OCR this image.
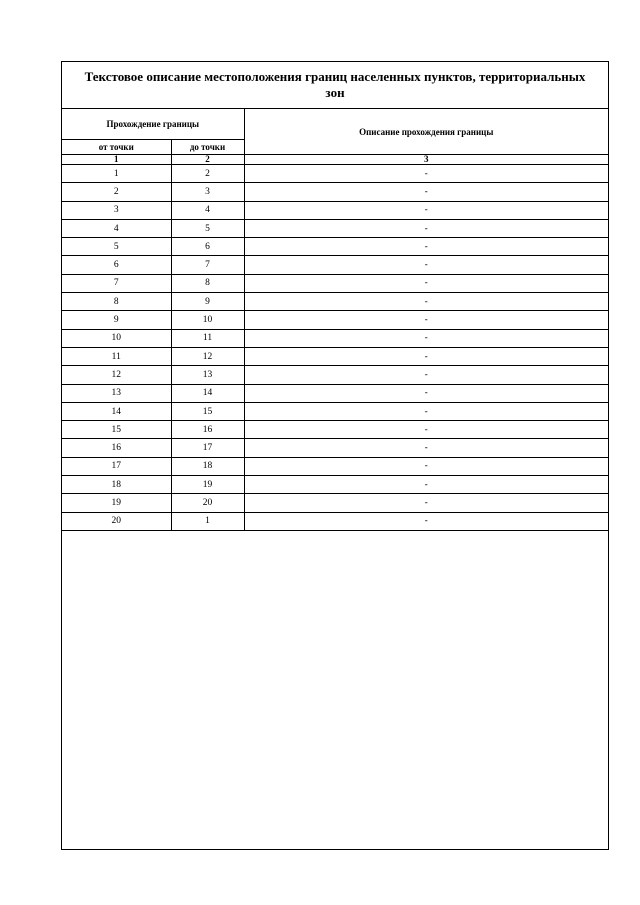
Текстовое описание местоположения границ населенных пунктов, территориальных зон
Прохождение границы		Описание прохождения границы
от точки	до точки	
1	2	3
1	2	-
2	3	-
3	4	-
4	5	-
5	6	-
6	7	-
7	8	-
8	9	-
9	10	-
10	11	-
11	12	-
12	13	-
13	14	-
14	15	-
15	16	-
16	17	-
17	18	-
18	19	-
19	20	-
20	1	-
